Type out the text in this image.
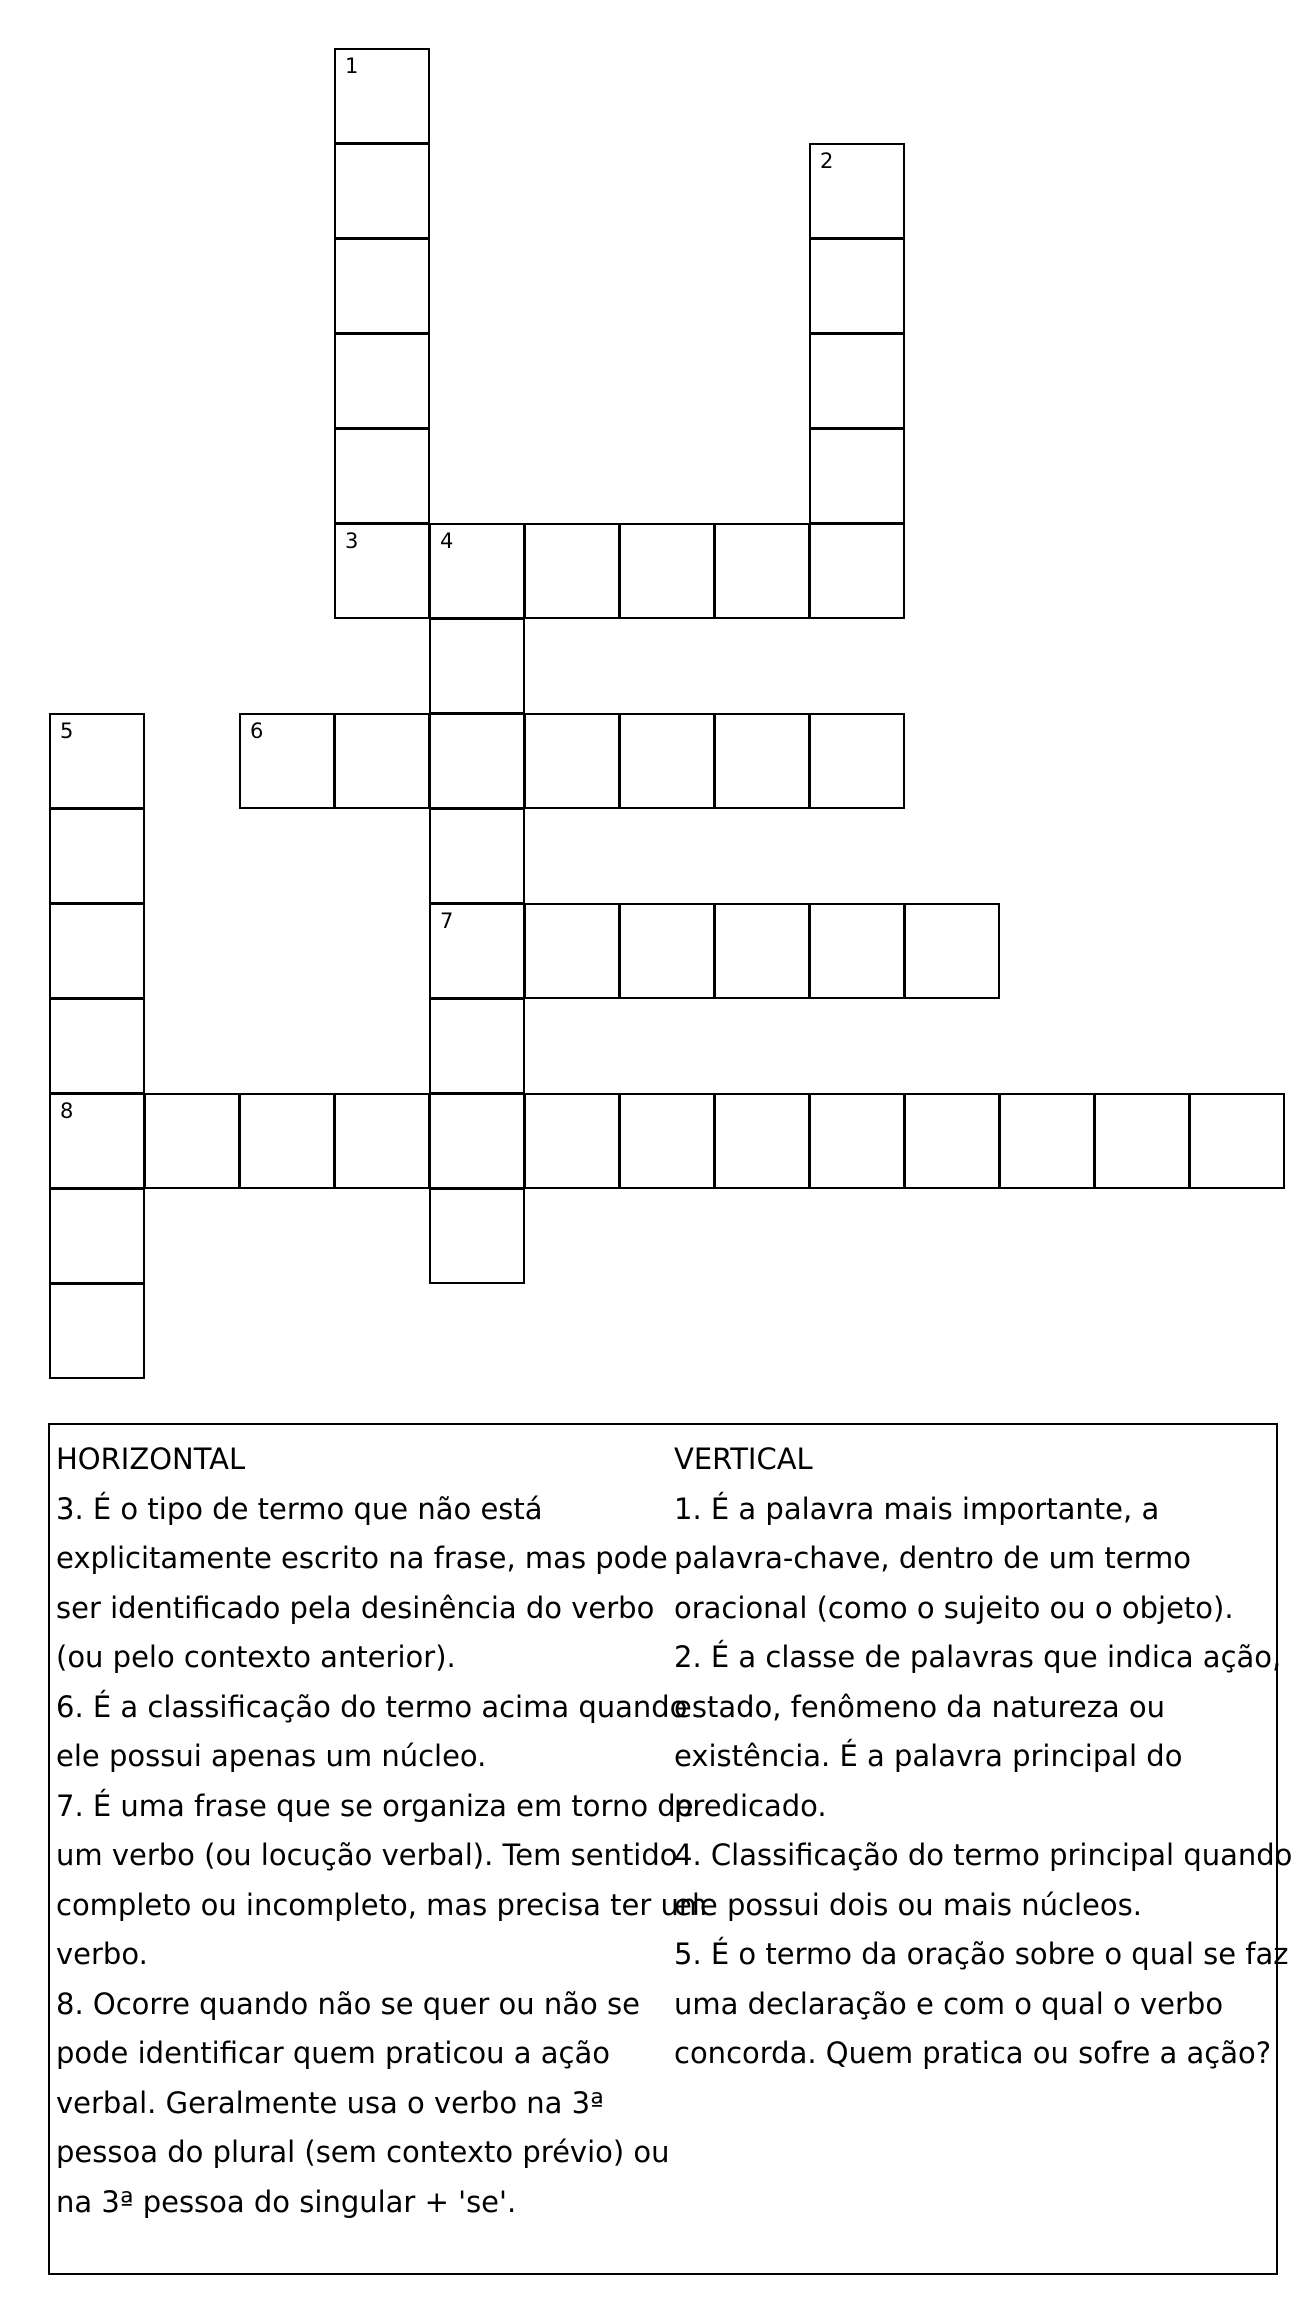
1
3
2
4
7
5
8
6
HORIZONTAL
3. É o tipo de termo que não está
explicitamente escrito na frase, mas pode
ser identificado pela desinência do verbo
(ou pelo contexto anterior).
6. É a classificação do termo acima quando
ele possui apenas um núcleo.
7. É uma frase que se organiza em torno de
um verbo (ou locução verbal). Tem sentido
completo ou incompleto, mas precisa ter um
verbo.
8. Ocorre quando não se quer ou não se
pode identificar quem praticou a ação
verbal. Geralmente usa o verbo na 3ª
pessoa do plural (sem contexto prévio) ou
na 3ª pessoa do singular + 'se'.
VERTICAL
1. É a palavra mais importante, a
palavra-chave, dentro de um termo
oracional (como o sujeito ou o objeto).
2. É a classe de palavras que indica ação,
estado, fenômeno da natureza ou
existência. É a palavra principal do
predicado.
4. Classificação do termo principal quando
ele possui dois ou mais núcleos.
5. É o termo da oração sobre o qual se faz
uma declaração e com o qual o verbo
concorda. Quem pratica ou sofre a ação?
